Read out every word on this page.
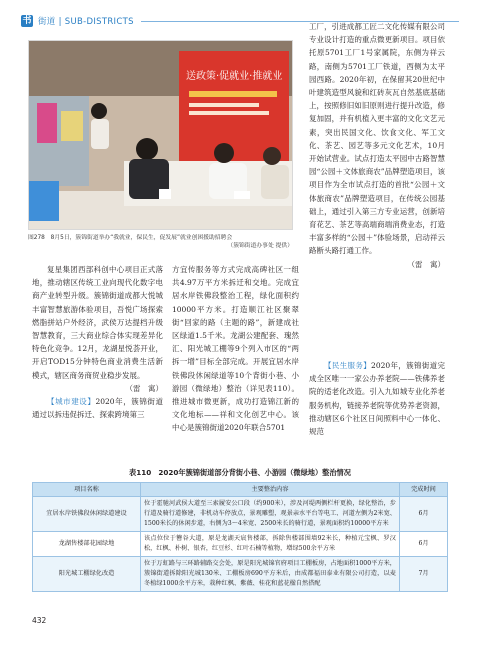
书 街道 | SUB-DISTRICTS
送政策·促就业·推就业
图278　8月5日，簇锦街道举办“我就业，保民生，促发展”就业创困援助招聘会
（簇锦街道办事处 提供）

复星集团西部科创中心项目正式落地，推动辖区传统工业向现代化数字电商产业转型升级。簇锦街道成都大悦城丰富智慧旅游体验项目，吾悦广场探索燃脂拼站户外经济，武侯万达提档升级智慧教育，三大商业综合体实现差异化特色化竞争。12月，龙湖星悦荟开业，开启TOD15分钟特色商业消费生活新模式，辖区商务商贸业稳步发展。

（雷　寓）

【城市建设】2020年，簇锦街道通过以拆违促拆迁、探索跨境第三

方宜传服务等方式完成高碑社区一组共4.97万平方米拆迁和交地。完成宜居水岸铁佛段整治工程，绿化面积约10000平方米。打造顺江社区聚翠街“回家的路（主题的路”，新建成社区绿道1.5千米。龙湖公建配套、瑰然汇、阳光城工棚等9个列入市区的“两拆一增”目标全部完成。开展宜居水岸铁佛段休闲绿道等10个背街小巷、小游园（微绿地）整治（详见表110）。推进城市微更新，成功打造锦江新的文化地标——祥和文化创艺中心。该中心是簇锦街道2020年联合5701

工厂，引进成都工匠二文化传媒有限公司专业设计打造的重点微更新项目。项目依托原5701工厂1号家属院，东侧为祥云路，南侧为5701工厂铁道，西侧为太平园西路。2020年初，在保留其20世纪中叶建筑造型风貌和红砖灰瓦自然基底基础上，按照修旧如旧原则进行提升改造，修复加固，并有机植入更丰富的文化文艺元素，突出民国文化、饮食文化、军工文化、茶艺、园艺等多元文化艺术，10月开始试营业。试点打造太平园中古路智慧园“公园＋文体旅商农”品牌塑造项目，该项目作为全市试点打造的首批“公园＋文体旅商农”品牌塑造项目，在传统公园基础上，通过引入第三方专业运营，创新培育花艺、茶艺等高端商端消费业态，打造丰富多样的“公园＋”体验场景，启动祥云路断头路打通工作。

（雷　寓）

【民生服务】2020年，簇锦街道完成全区唯一一家公办养老院——铁佛养老院的适老化改造。引入九如城专业化养老服务机构，链接养老院等优势养老资源，推动辖区6个社区日间照料中心一体化、规范

表110　2020年簇锦街道部分背街小巷、小游园（微绿地）整治情况
项目名称	主要整治内容	完成时间
宜居水岸铁佛段休闲绿道建设	位于霍驰河武侯大道至三索履安公口段（约900米），涉及河堤两侧栏杆更换，绿化整治，步行道及骑行道修建，非机动车停放点，景观雕塑，观景亲水平台等电工、河道左侧为2米宽、1500米长的休闲步道，右侧为3～4米宽、2500米长的骑行道，景观面积约10000平方米	6月
龙湖售楼部花园绿地	该点位位于簪谷大道，原是龙湖天宸售楼部，拆除售楼部围墙92米长，种植元宝枫、罗汉松，红枫、朴树、银杏，红豆杉、红叶石楠等植物，增绿500余平方米	6月
阳光城工棚绿化改造	位于万虹路与三环路辅路交会处，原是阳光城锦官府项目工棚板房，占地面积1000平方米，簇锦街道拆除阳光城130米、工棚板房690平方米后，由成都福田泰业有限公司打造，以麦冬植绿1000余平方米，栽种红枫、紫薇、桂花和蓝花楹自然搭配	7月
432
